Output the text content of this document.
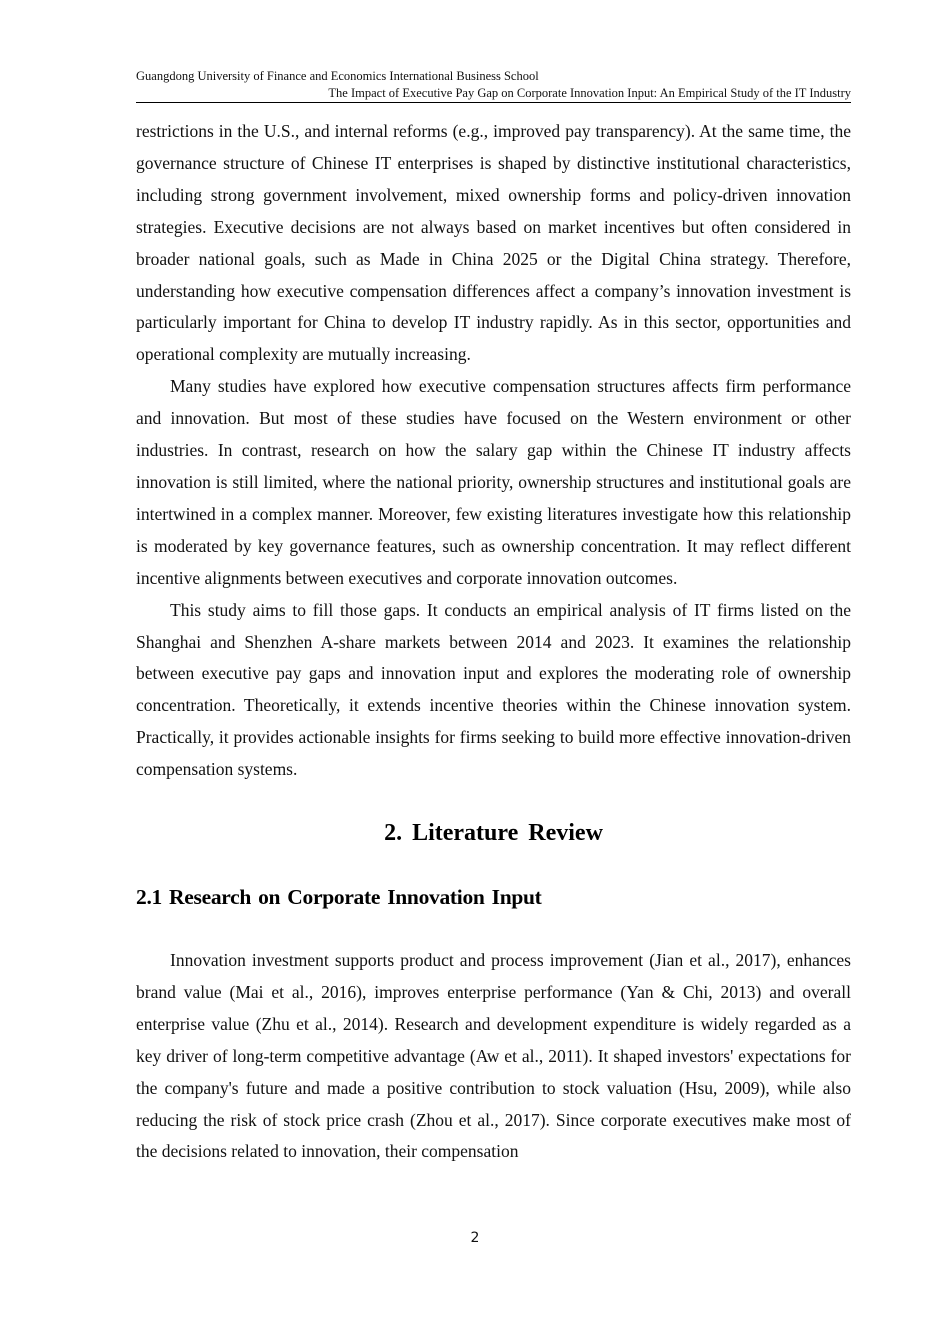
Guangdong University of Finance and Economics International Business School
The Impact of Executive Pay Gap on Corporate Innovation Input: An Empirical Study of the IT Industry

restrictions in the U.S., and internal reforms (e.g., improved pay transparency). At the same time, the governance structure of Chinese IT enterprises is shaped by distinctive institutional characteristics, including strong government involvement, mixed ownership forms and policy-driven innovation strategies. Executive decisions are not always based on market incentives but often considered in broader national goals, such as Made in China 2025 or the Digital China strategy. Therefore, understanding how executive compensation differences affect a company’s innovation investment is particularly important for China to develop IT industry rapidly. As in this sector, opportunities and operational complexity are mutually increasing.

Many studies have explored how executive compensation structures affects firm performance and innovation. But most of these studies have focused on the Western environment or other industries. In contrast, research on how the salary gap within the Chinese IT industry affects innovation is still limited, where the national priority, ownership structures and institutional goals are intertwined in a complex manner. Moreover, few existing literatures investigate how this relationship is moderated by key governance features, such as ownership concentration. It may reflect different incentive alignments between executives and corporate innovation outcomes.

This study aims to fill those gaps. It conducts an empirical analysis of IT firms listed on the Shanghai and Shenzhen A-share markets between 2014 and 2023. It examines the relationship between executive pay gaps and innovation input and explores the moderating role of ownership concentration. Theoretically, it extends incentive theories within the Chinese innovation system. Practically, it provides actionable insights for firms seeking to build more effective innovation-driven compensation systems.

2. Literature Review
2.1 Research on Corporate Innovation Input

Innovation investment supports product and process improvement (Jian et al., 2017), enhances brand value (Mai et al., 2016), improves enterprise performance (Yan & Chi, 2013) and overall enterprise value (Zhu et al., 2014). Research and development expenditure is widely regarded as a key driver of long-term competitive advantage (Aw et al., 2011). It shaped investors' expectations for the company's future and made a positive contribution to stock valuation (Hsu, 2009), while also reducing the risk of stock price crash (Zhou et al., 2017). Since corporate executives make most of the decisions related to innovation, their compensation

2
